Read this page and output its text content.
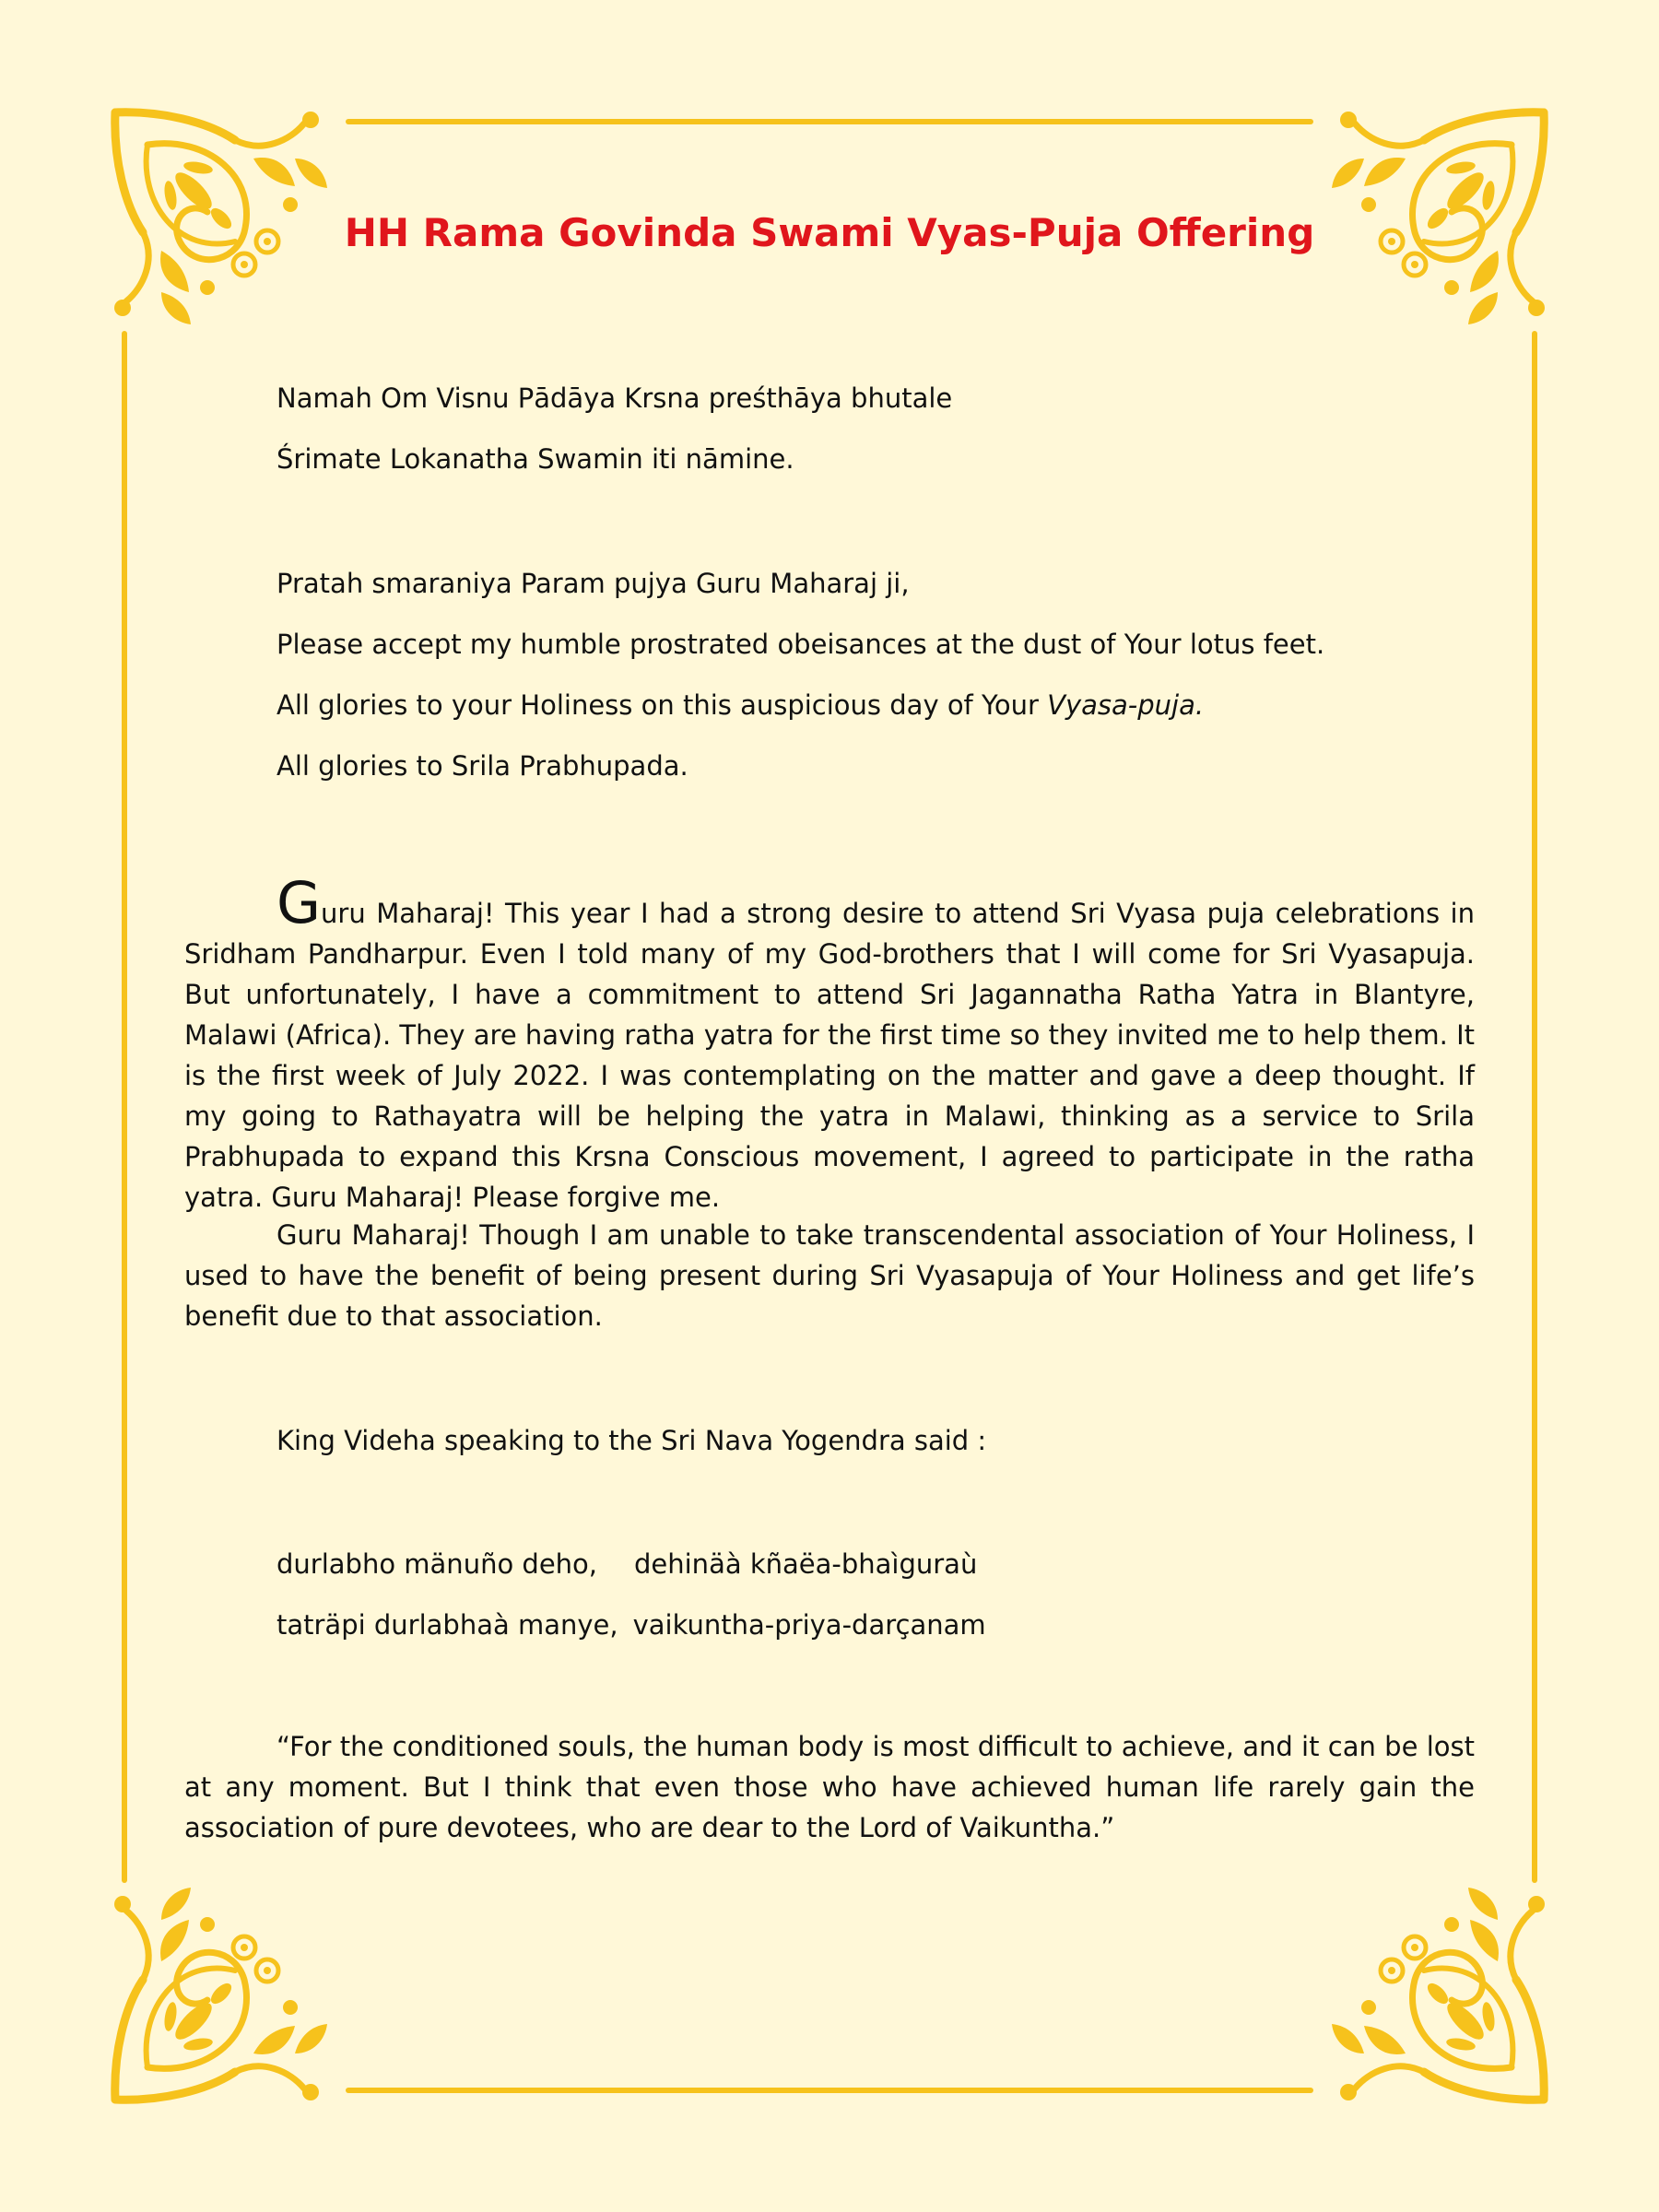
HH Rama Govinda Swami Vyas-Puja Offering
Namah Om Visnu Pādāya Krsna preśthāya bhutale
Śrimate Lokanatha Swamin iti nāmine.
Pratah smaraniya Param pujya Guru Maharaj ji,
Please accept my humble prostrated obeisances at the dust of Your lotus feet.
All glories to your Holiness on this auspicious day of Your Vyasa-puja.
All glories to Srila Prabhupada.

Guru Maharaj! This year I had a strong desire to attend Sri Vyasa puja celebrations in Sridham Pandharpur. Even I told many of my God-brothers that I will come for Sri Vyasapuja. But unfortunately, I have a commitment to attend Sri Jagannatha Ratha Yatra in Blantyre, Malawi (Africa). They are having ratha yatra for the first time so they invited me to help them. It is the first week of July 2022. I was contemplating on the matter and gave a deep thought. If my going to Rathayatra will be helping the yatra in Malawi, thinking as a service to Srila Prabhupada to expand this Krsna Conscious movement, I agreed to participate in the ratha yatra. Guru Maharaj! Please forgive me.

Guru Maharaj! Though I am unable to take transcendental association of Your Holiness, I used to have the benefit of being present during Sri Vyasapuja of Your Holiness and get life’s benefit due to that association.

King Videha speaking to the Sri Nava Yogendra said :
durlabho mänuño deho, dehinäà kñaëa-bhaìguraù
taträpi durlabhaà manye, vaikuntha-priya-darçanam

“For the conditioned souls, the human body is most difficult to achieve, and it can be lost at any moment. But I think that even those who have achieved human life rarely gain the association of pure devotees, who are dear to the Lord of Vaikuntha.”
